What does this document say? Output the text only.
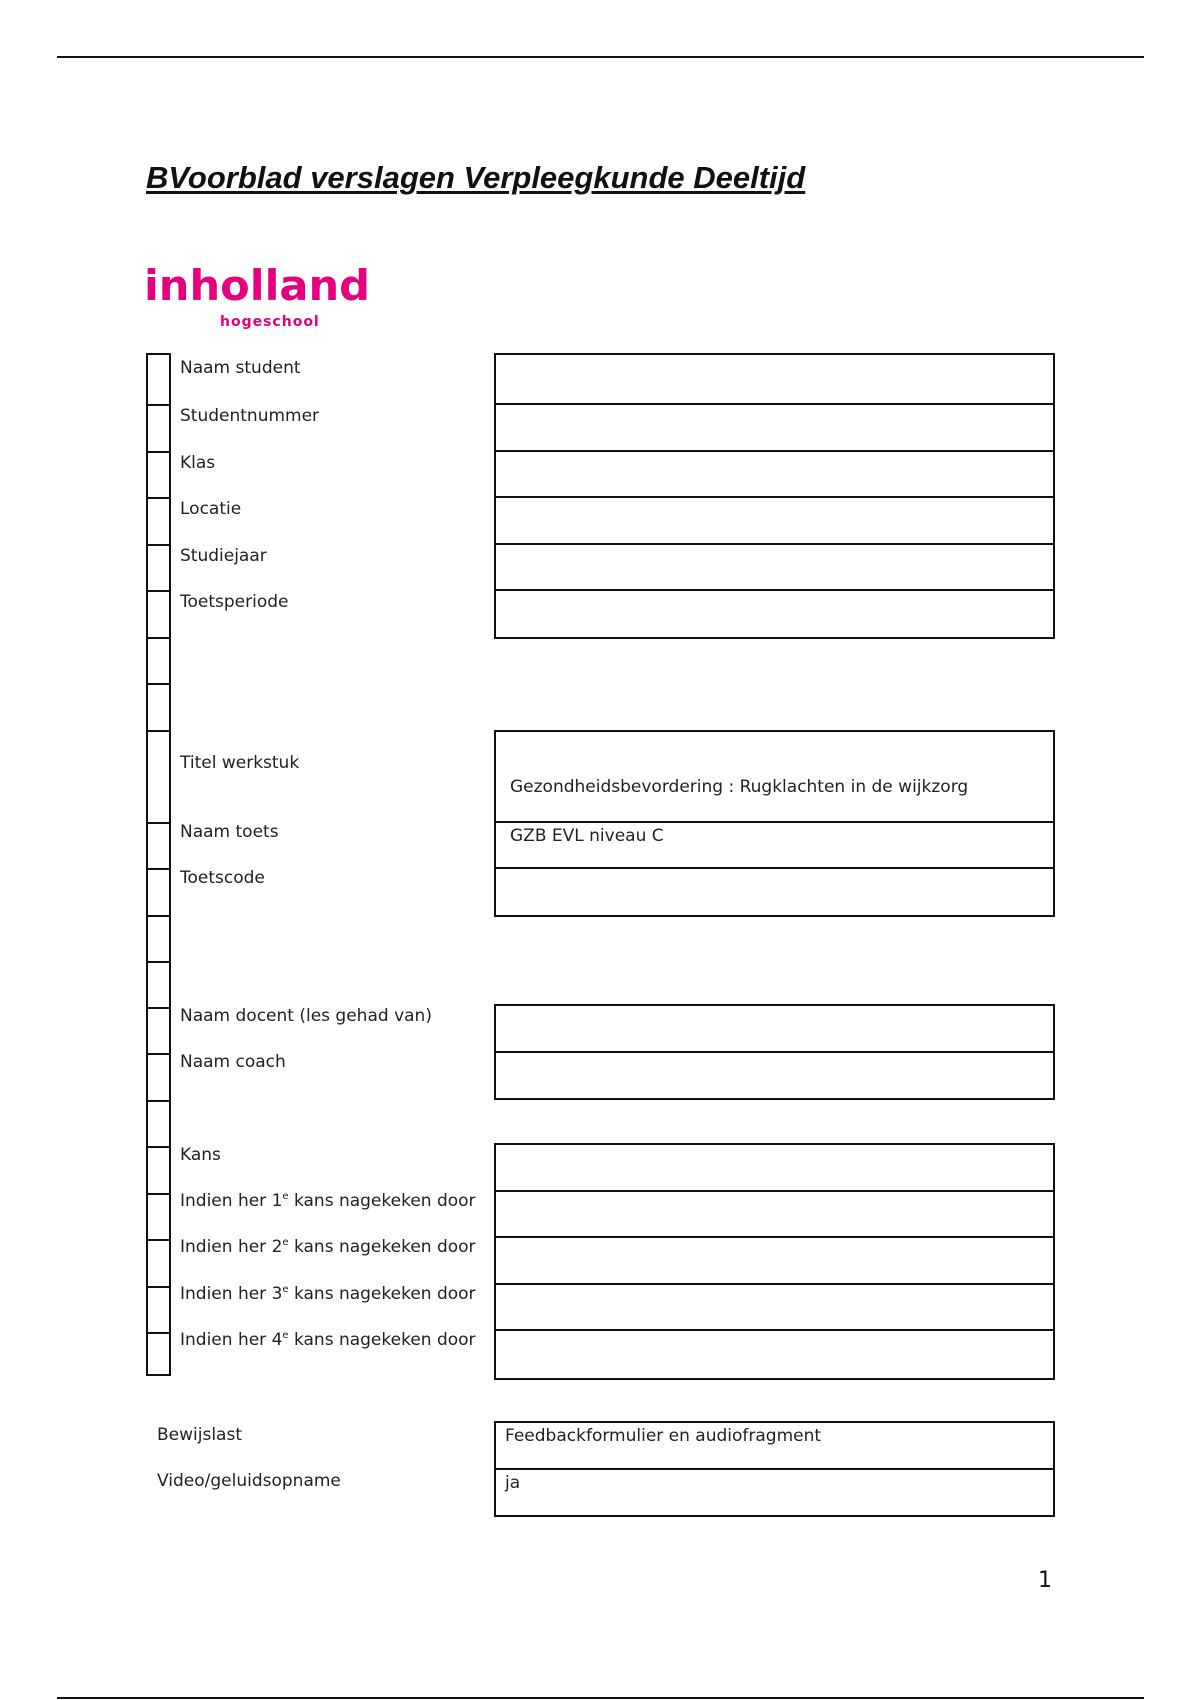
BVoorblad verslagen Verpleegkunde Deeltijd
inholland
hogeschool
Naam student
Studentnummer
Klas
Locatie
Studiejaar
Toetsperiode
Titel werkstuk
Naam toets
Toetscode
Naam docent (les gehad van)
Naam coach
Kans
Indien her 1e kans nagekeken door
Indien her 2e kans nagekeken door
Indien her 3e kans nagekeken door
Indien her 4e kans nagekeken door
Bewijslast
Video/geluidsopname
Gezondheidsbevordering : Rugklachten in de wijkzorg
GZB EVL niveau C
Feedbackformulier en audiofragment
ja
1
